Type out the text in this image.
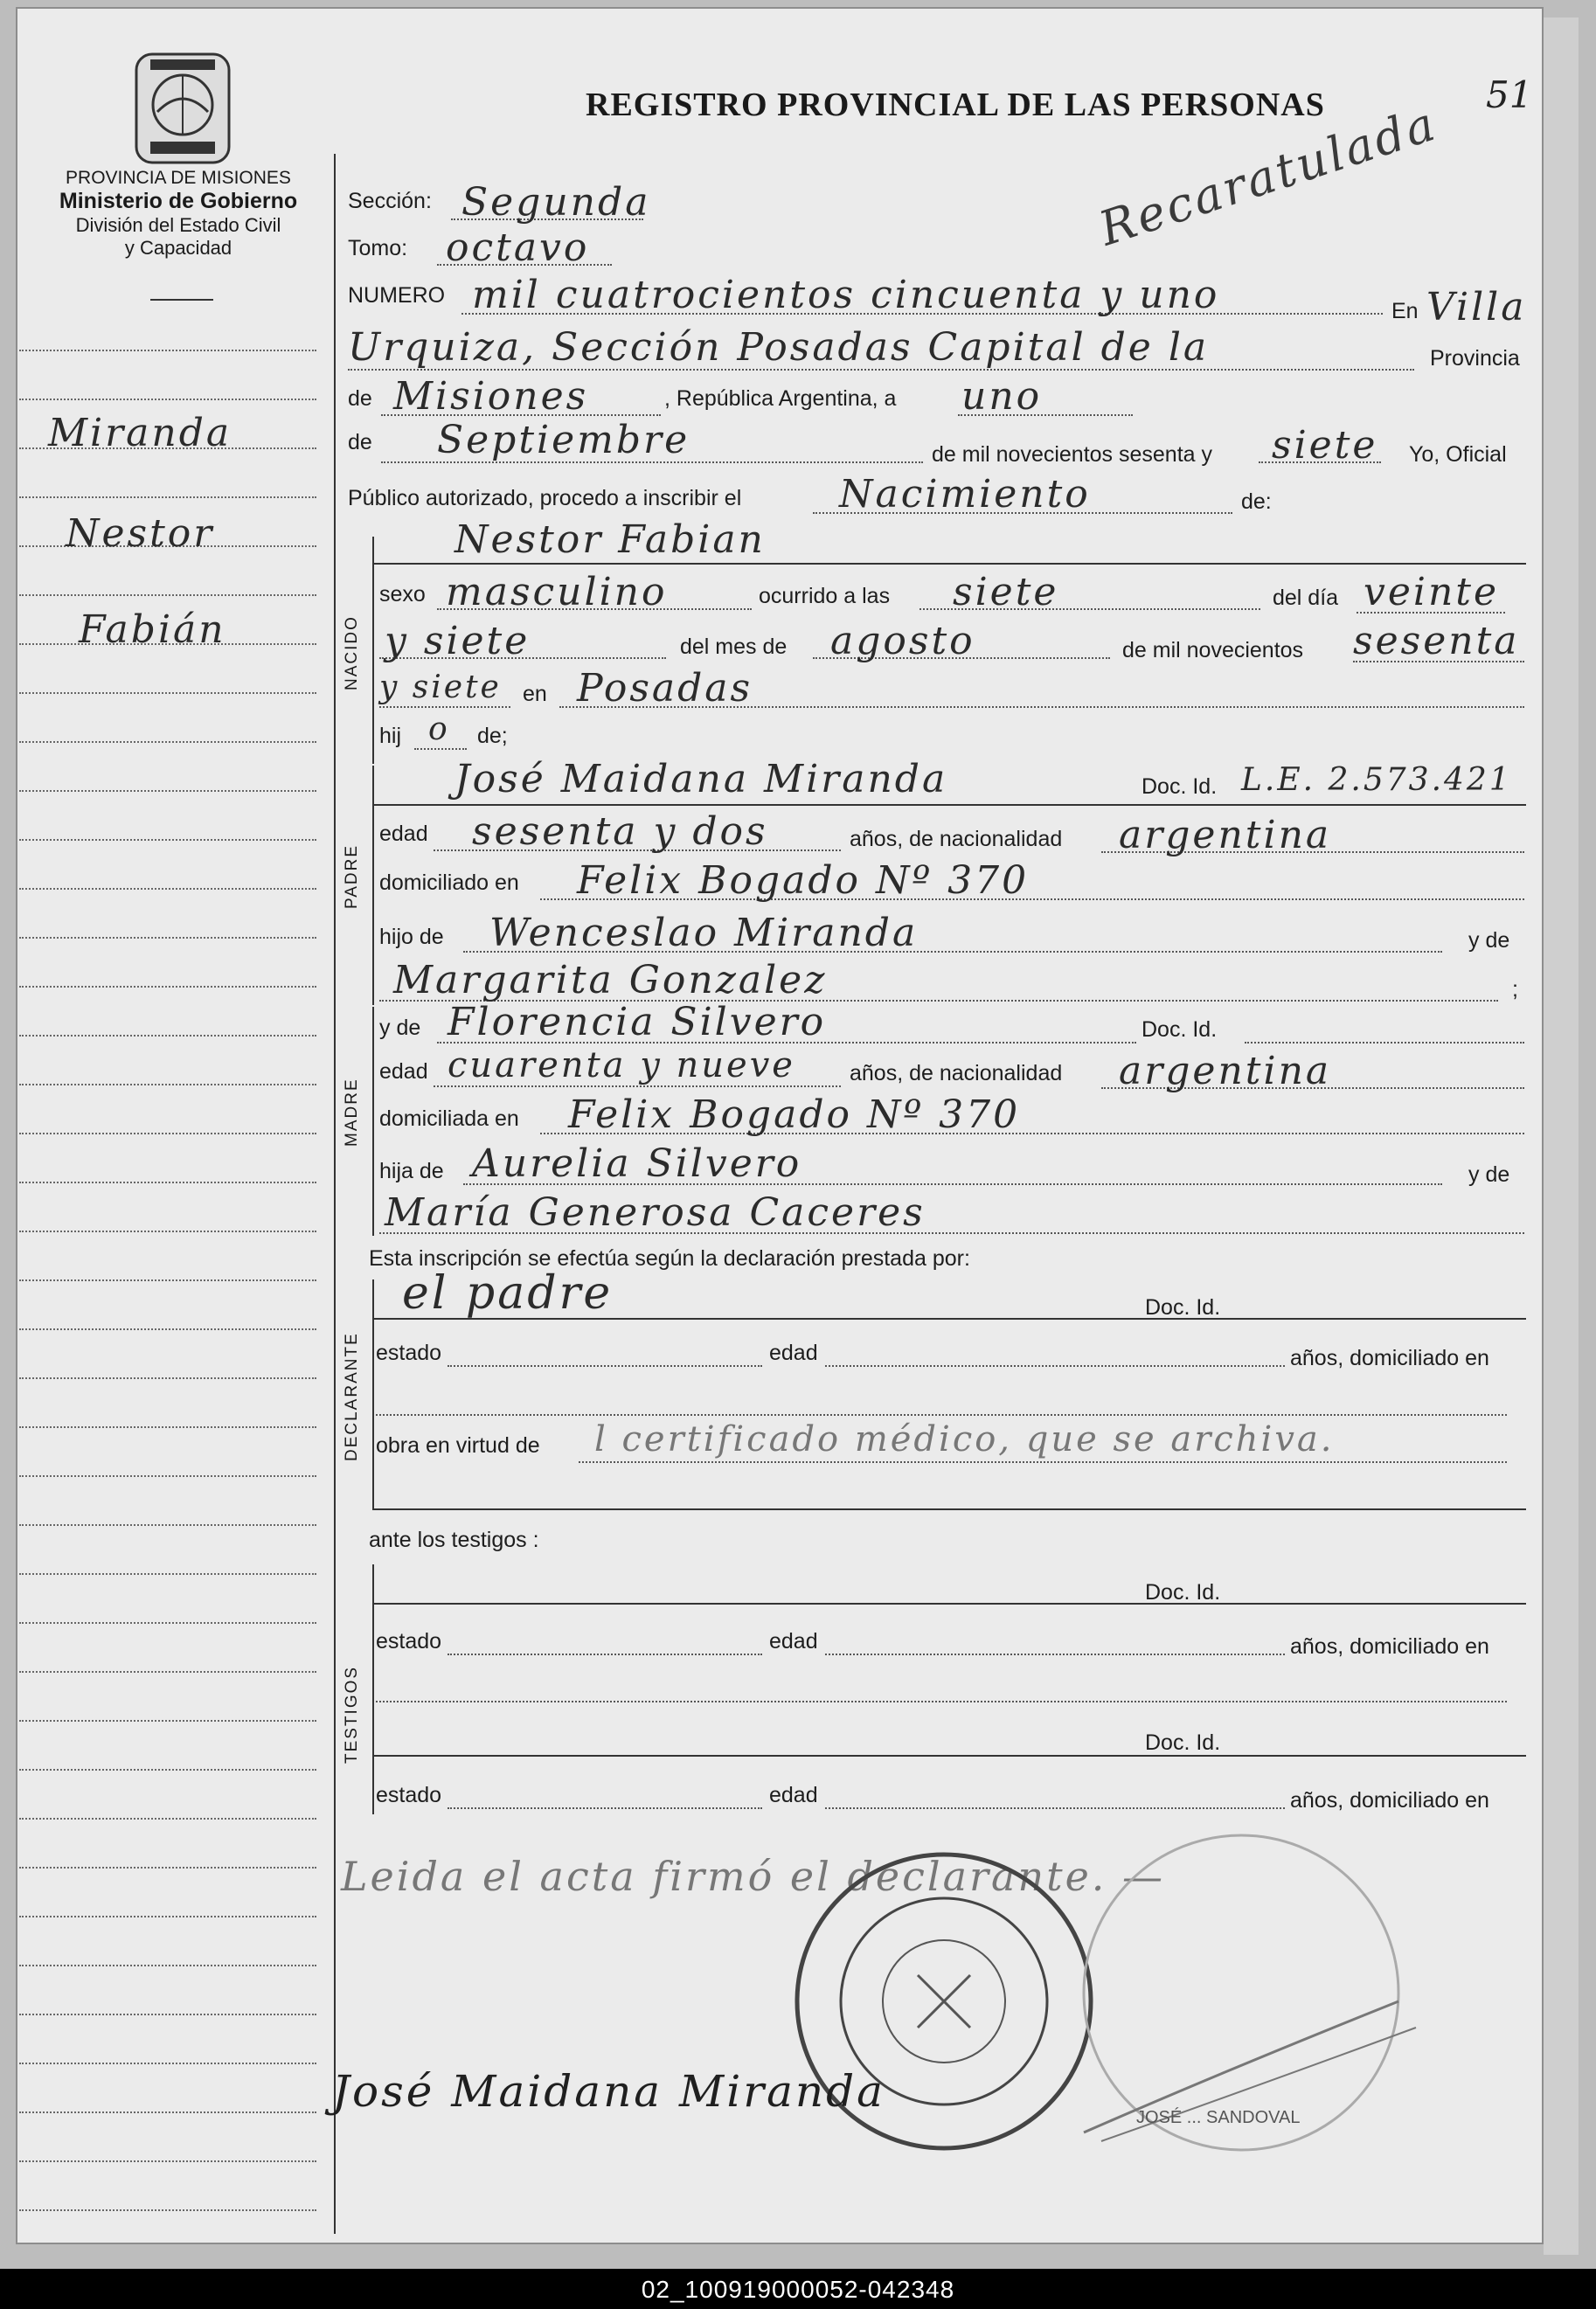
PROVINCIA DE MISIONES
Ministerio de Gobierno
División del Estado Civil
y Capacidad
REGISTRO PROVINCIAL DE LAS PERSONAS	51
Recaratulada
Miranda
Nestor
Fabián
Sección: Segunda
Tomo: octavo
NUMERO mil cuatrocientos cincuenta y uno	En Villa
Urquiza, Sección Posadas Capital de la	Provincia
de Misiones	, República Argentina, a uno
de Septiembre	de mil novecientos sesenta y siete Yo, Oficial
Público autorizado, procedo a inscribir el	Nacimiento	de:
NACIDO
Nestor Fabian
sexo masculino	ocurrido a las siete	del día veinte
y siete	del mes de agosto	de mil novecientos sesenta
y siete en Posadas
hij o de;
PADRE
José Maidana Miranda	Doc. Id. L.E. 2.573.421
edad sesenta y dos	años, de nacionalidad argentina
domiciliado en Felix Bogado Nº 370
hijo de Wenceslao Miranda	y de
Margarita Gonzalez	;
MADRE
y de Florencia Silvero	Doc. Id.
edad cuarenta y nueve años, de nacionalidad argentina
domiciliada en Felix Bogado Nº 370
hija de Aurelia Silvero	y de
María Generosa Caceres
Esta inscripción se efectúa según la declaración prestada por:
DECLARANTE
el padre	Doc. Id.
estado	edad	años, domiciliado en
obra en virtud de l certificado médico, que se archiva.
ante los testigos :
TESTIGOS
Doc. Id.
estado	edad	años, domiciliado en
Doc. Id.
estado	edad	años, domiciliado en
Leida el acta firmó el declarante. —
José Maidana Miranda
JOSÉ ... SANDOVAL
02_100919000052-042348
